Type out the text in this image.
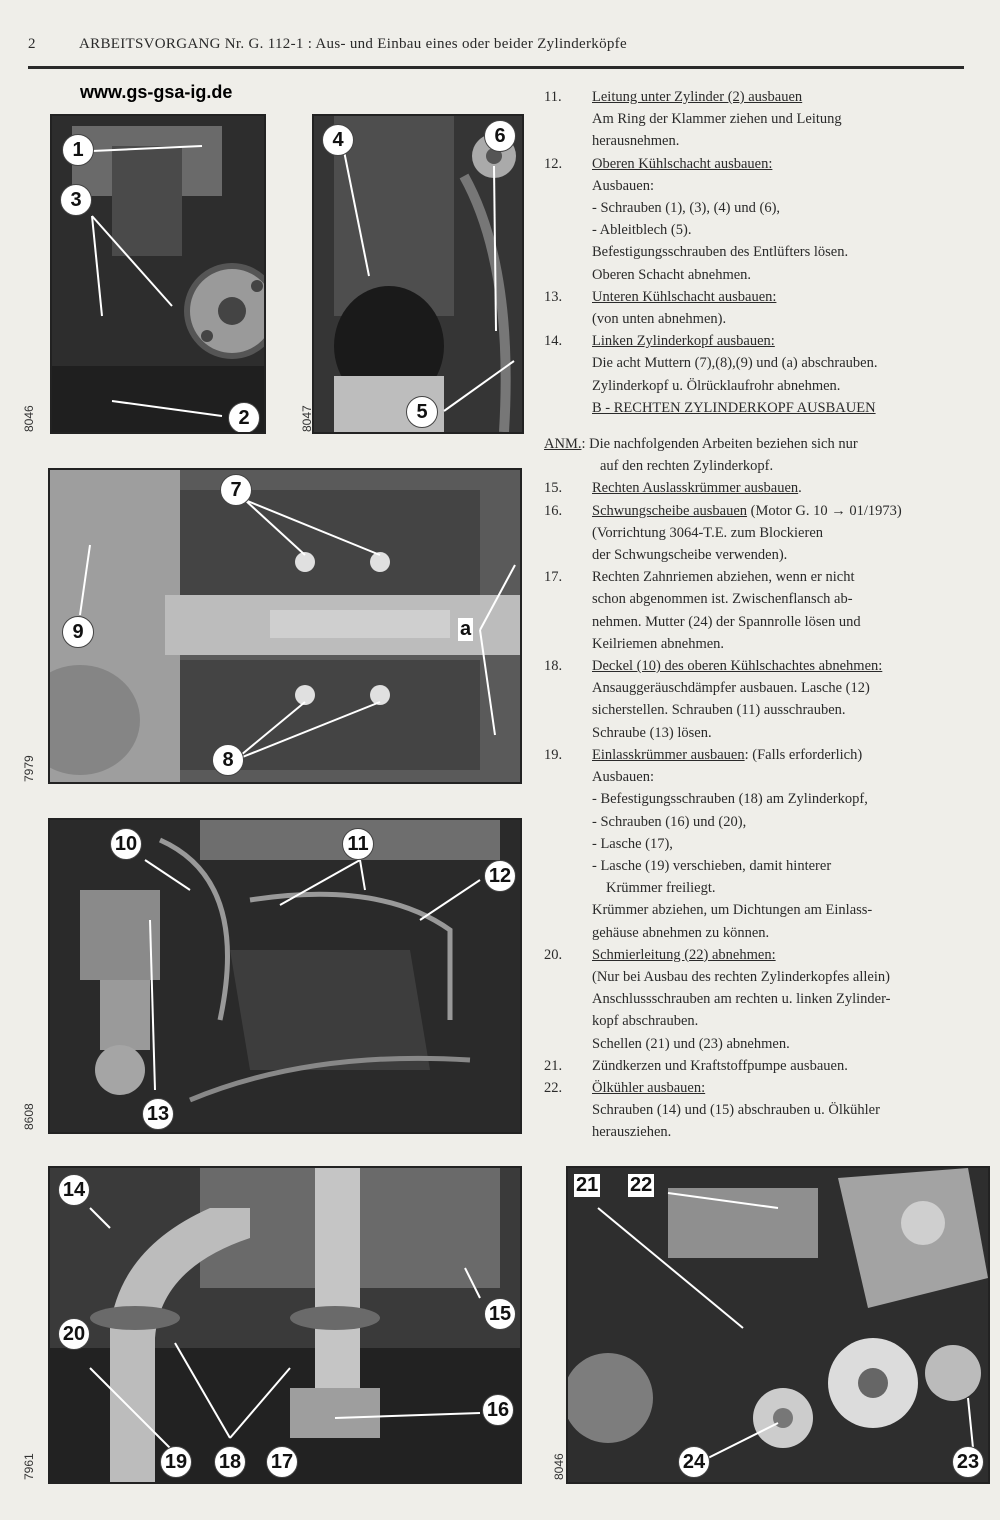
2	ARBEITSVORGANG Nr. G. 112-1 : Aus- und Einbau eines oder beider Zylinderköpfe
www.gs-gsa-ig.de
1
3
2
8046
4	6
5
8047
7
9	a
8
7979
10	11
12
13
8608
14
15
20
16
19 18 17
7961
21 22
24	23
8046
11.	Leitung unter Zylinder (2) ausbauen
Am Ring der Klammer ziehen und Leitung
herausnehmen.
12.	Oberen Kühlschacht ausbauen:
Ausbauen:
- Schrauben (1), (3), (4) und (6),
- Ableitblech (5).
Befestigungsschrauben des Entlüfters lösen.
Oberen Schacht abnehmen.
13.	Unteren Kühlschacht ausbauen:
(von unten abnehmen).
14.	Linken Zylinderkopf ausbauen:
Die acht Muttern (7),(8),(9) und (a) abschrauben.
Zylinderkopf u. Ölrücklaufrohr abnehmen.
B - RECHTEN ZYLINDERKOPF AUSBAUEN
ANM. : Die nachfolgenden Arbeiten beziehen sich nur
auf den rechten Zylinderkopf.
15.	Rechten Auslasskrümmer ausbauen.
16.	Schwungscheibe ausbauen (Motor G. 10 → 01/1973)
(Vorrichtung 3064-T.E. zum Blockieren
der Schwungscheibe verwenden).
17.	Rechten Zahnriemen abziehen, wenn er nicht
schon abgenommen ist. Zwischenflansch ab-
nehmen. Mutter (24) der Spannrolle lösen und
Keilriemen abnehmen.
18.	Deckel (10) des oberen Kühlschachtes abnehmen:
Ansauggeräuschdämpfer ausbauen. Lasche (12)
sicherstellen. Schrauben (11) ausschrauben.
Schraube (13) lösen.
19.	Einlasskrümmer ausbauen: (Falls erforderlich)
Ausbauen:
- Befestigungsschrauben (18) am Zylinderkopf,
- Schrauben (16) und (20),
- Lasche (17),
- Lasche (19) verschieben, damit hinterer
Krümmer freiliegt.
Krümmer abziehen, um Dichtungen am Einlass-
gehäuse abnehmen zu können.
20.	Schmierleitung (22) abnehmen:
(Nur bei Ausbau des rechten Zylinderkopfes allein)
Anschlussschrauben am rechten u. linken Zylinder-
kopf abschrauben.
Schellen (21) und (23) abnehmen.
21.	Zündkerzen und Kraftstoffpumpe ausbauen.
22.	Ölkühler ausbauen:
Schrauben (14) und (15) abschrauben u. Ölkühler
herausziehen.
